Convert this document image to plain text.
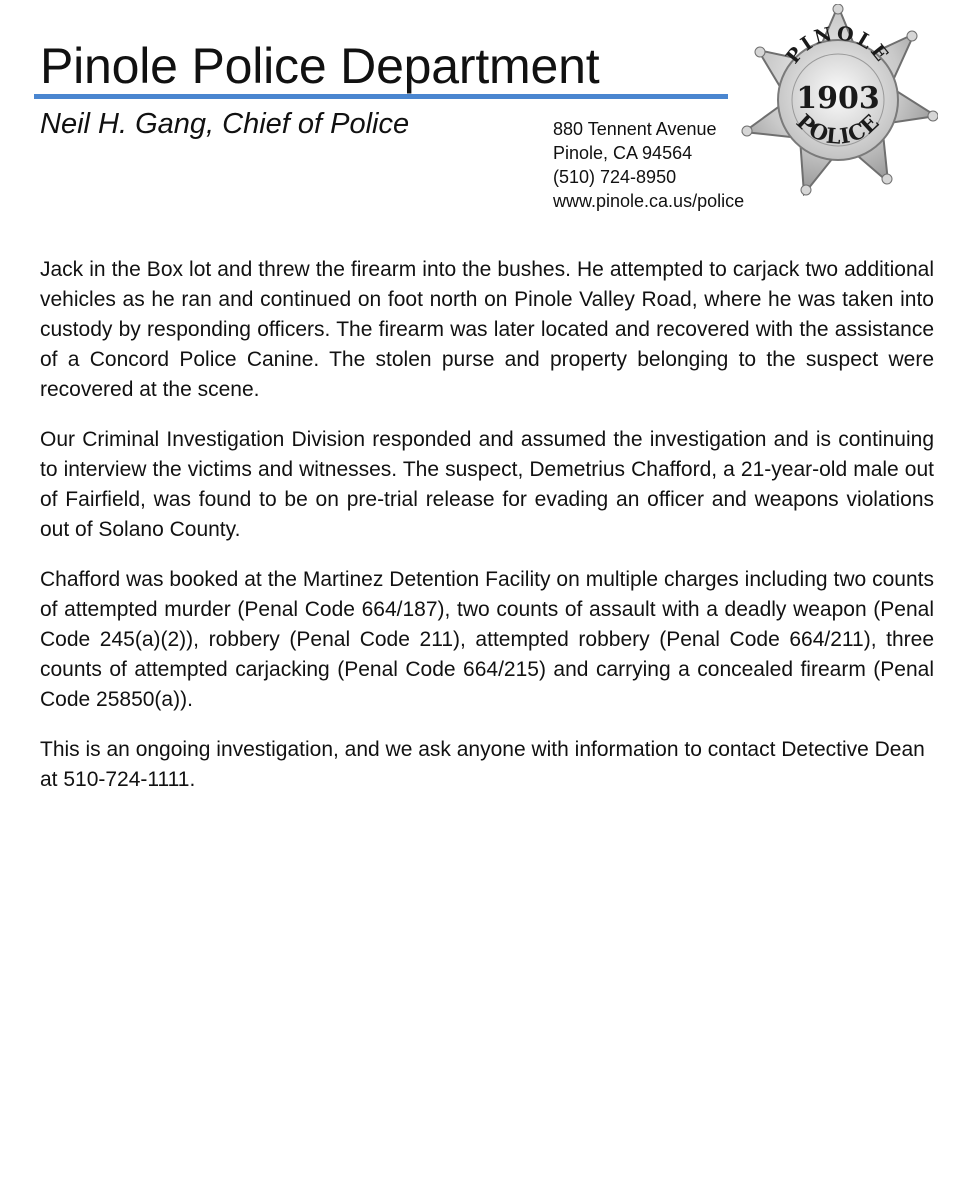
Pinole Police Department
Neil H. Gang, Chief of Police	880 Tennent Avenue
Pinole, CA 94564
(510) 724-8950
www.pinole.ca.us/police
PINOLE
1903
POLICE

Jack in the Box lot and threw the firearm into the bushes. He attempted to carjack two additional vehicles as he ran and continued on foot north on Pinole Valley Road, where he was taken into custody by responding officers. The firearm was later located and recovered with the assistance of a Concord Police Canine. The stolen purse and property belonging to the suspect were recovered at the scene.

Our Criminal Investigation Division responded and assumed the investigation and is continuing to interview the victims and witnesses. The suspect, Demetrius Chafford, a 21-year-old male out of Fairfield, was found to be on pre-trial release for evading an officer and weapons violations out of Solano County.

Chafford was booked at the Martinez Detention Facility on multiple charges including two counts of attempted murder (Penal Code 664/187), two counts of assault with a deadly weapon (Penal Code 245(a)(2)), robbery (Penal Code 211), attempted robbery (Penal Code 664/211), three counts of attempted carjacking (Penal Code 664/215) and carrying a concealed firearm (Penal Code 25850(a)).

This is an ongoing investigation, and we ask anyone with information to contact Detective Dean at 510-724-1111.
